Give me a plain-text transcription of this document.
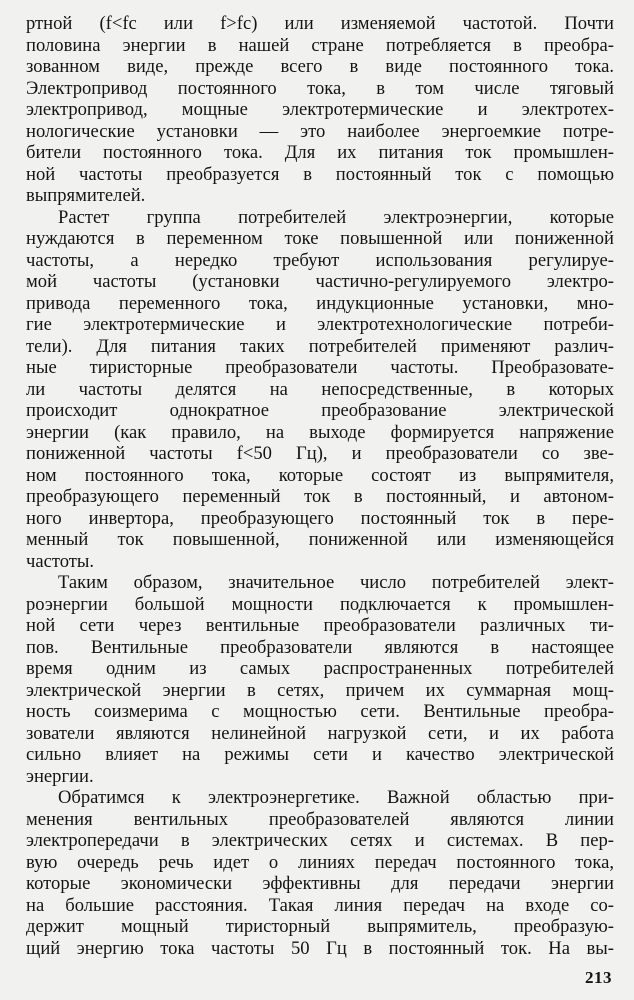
ртной (f<fc или f>fc) или изменяемой частотой. Почти
половина энергии в нашей стране потребляется в преобра-
зованном виде, прежде всего в виде постоянного тока.
Электропривод постоянного тока, в том числе тяговый
электропривод, мощные электротермические и электротех-
нологические установки — это наиболее энергоемкие потре-
бители постоянного тока. Для их питания ток промышлен-
ной частоты преобразуется в постоянный ток с помощью
выпрямителей.
Растет группа потребителей электроэнергии, которые
нуждаются в переменном токе повышенной или пониженной
частоты, а нередко требуют использования регулируе-
мой частоты (установки частично-регулируемого электро-
привода переменного тока, индукционные установки, мно-
гие электротермические и электротехнологические потреби-
тели). Для питания таких потребителей применяют различ-
ные тиристорные преобразователи частоты. Преобразовате-
ли частоты делятся на непосредственные, в которых
происходит однократное преобразование электрической
энергии (как правило, на выходе формируется напряжение
пониженной частоты f<50 Гц), и преобразователи со зве-
ном постоянного тока, которые состоят из выпрямителя,
преобразующего переменный ток в постоянный, и автоном-
ного инвертора, преобразующего постоянный ток в пере-
менный ток повышенной, пониженной или изменяющейся
частоты.
Таким образом, значительное число потребителей элект-
роэнергии большой мощности подключается к промышлен-
ной сети через вентильные преобразователи различных ти-
пов. Вентильные преобразователи являются в настоящее
время одним из самых распространенных потребителей
электрической энергии в сетях, причем их суммарная мощ-
ность соизмерима с мощностью сети. Вентильные преобра-
зователи являются нелинейной нагрузкой сети, и их работа
сильно влияет на режимы сети и качество электрической
энергии.
Обратимся к электроэнергетике. Важной областью при-
менения вентильных преобразователей являются линии
электропередачи в электрических сетях и системах. В пер-
вую очередь речь идет о линиях передач постоянного тока,
которые экономически эффективны для передачи энергии
на большие расстояния. Такая линия передач на входе со-
держит мощный тиристорный выпрямитель, преобразую-
щий энергию тока частоты 50 Гц в постоянный ток. На вы-
213
